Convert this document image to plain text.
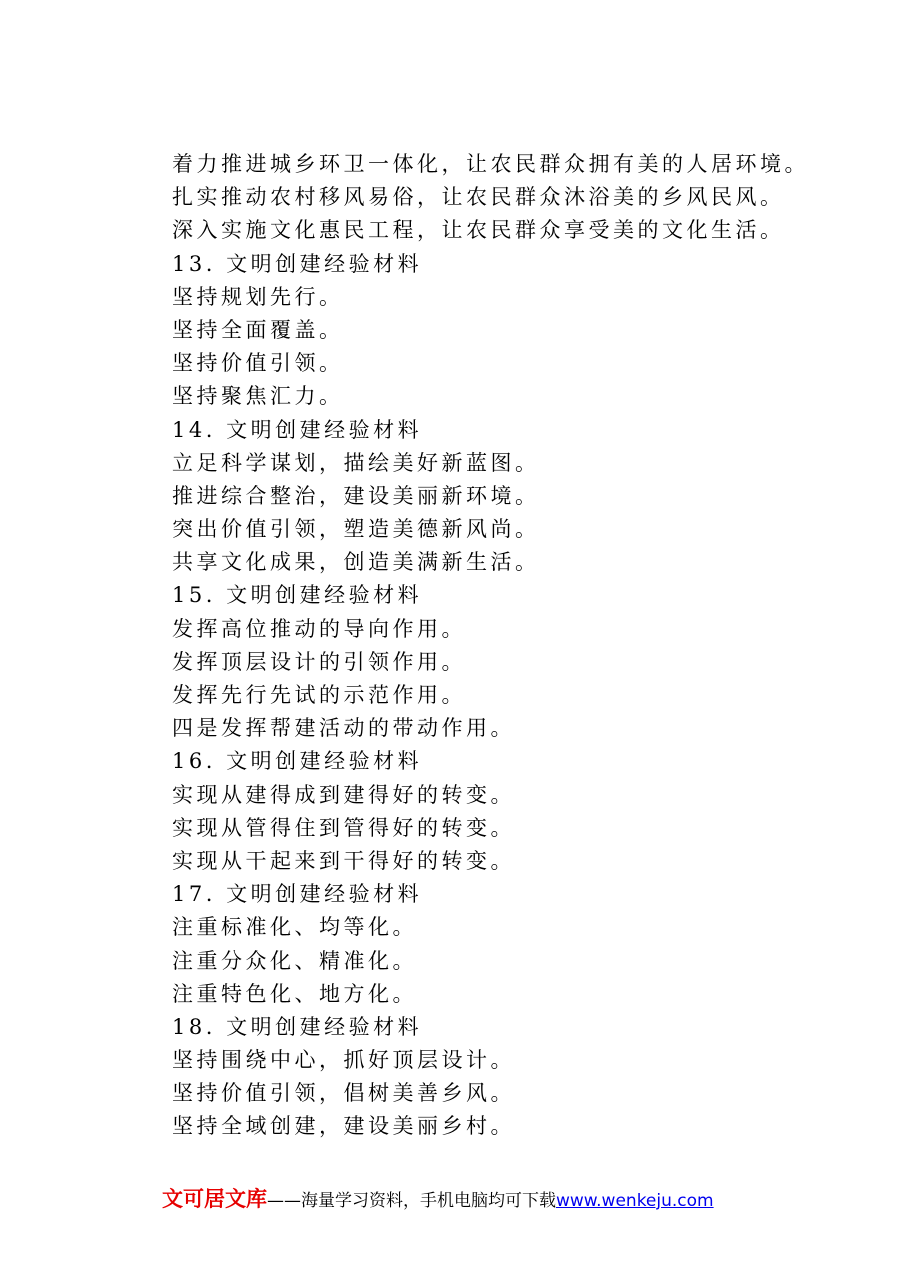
着力推进城乡环卫一体化，让农民群众拥有美的人居环境。
扎实推动农村移风易俗，让农民群众沐浴美的乡风民风。
深入实施文化惠民工程，让农民群众享受美的文化生活。
13. 文明创建经验材料
坚持规划先行。
坚持全面覆盖。
坚持价值引领。
坚持聚焦汇力。
14. 文明创建经验材料
立足科学谋划，描绘美好新蓝图。
推进综合整治，建设美丽新环境。
突出价值引领，塑造美德新风尚。
共享文化成果，创造美满新生活。
15. 文明创建经验材料
发挥高位推动的导向作用。
发挥顶层设计的引领作用。
发挥先行先试的示范作用。
四是发挥帮建活动的带动作用。
16. 文明创建经验材料
实现从建得成到建得好的转变。
实现从管得住到管得好的转变。
实现从干起来到干得好的转变。
17. 文明创建经验材料
注重标准化、均等化。
注重分众化、精准化。
注重特色化、地方化。
18. 文明创建经验材料
坚持围绕中心，抓好顶层设计。
坚持价值引领，倡树美善乡风。
坚持全域创建，建设美丽乡村。
文可居文库——海量学习资料，手机电脑均可下载www.wenkeju.com
